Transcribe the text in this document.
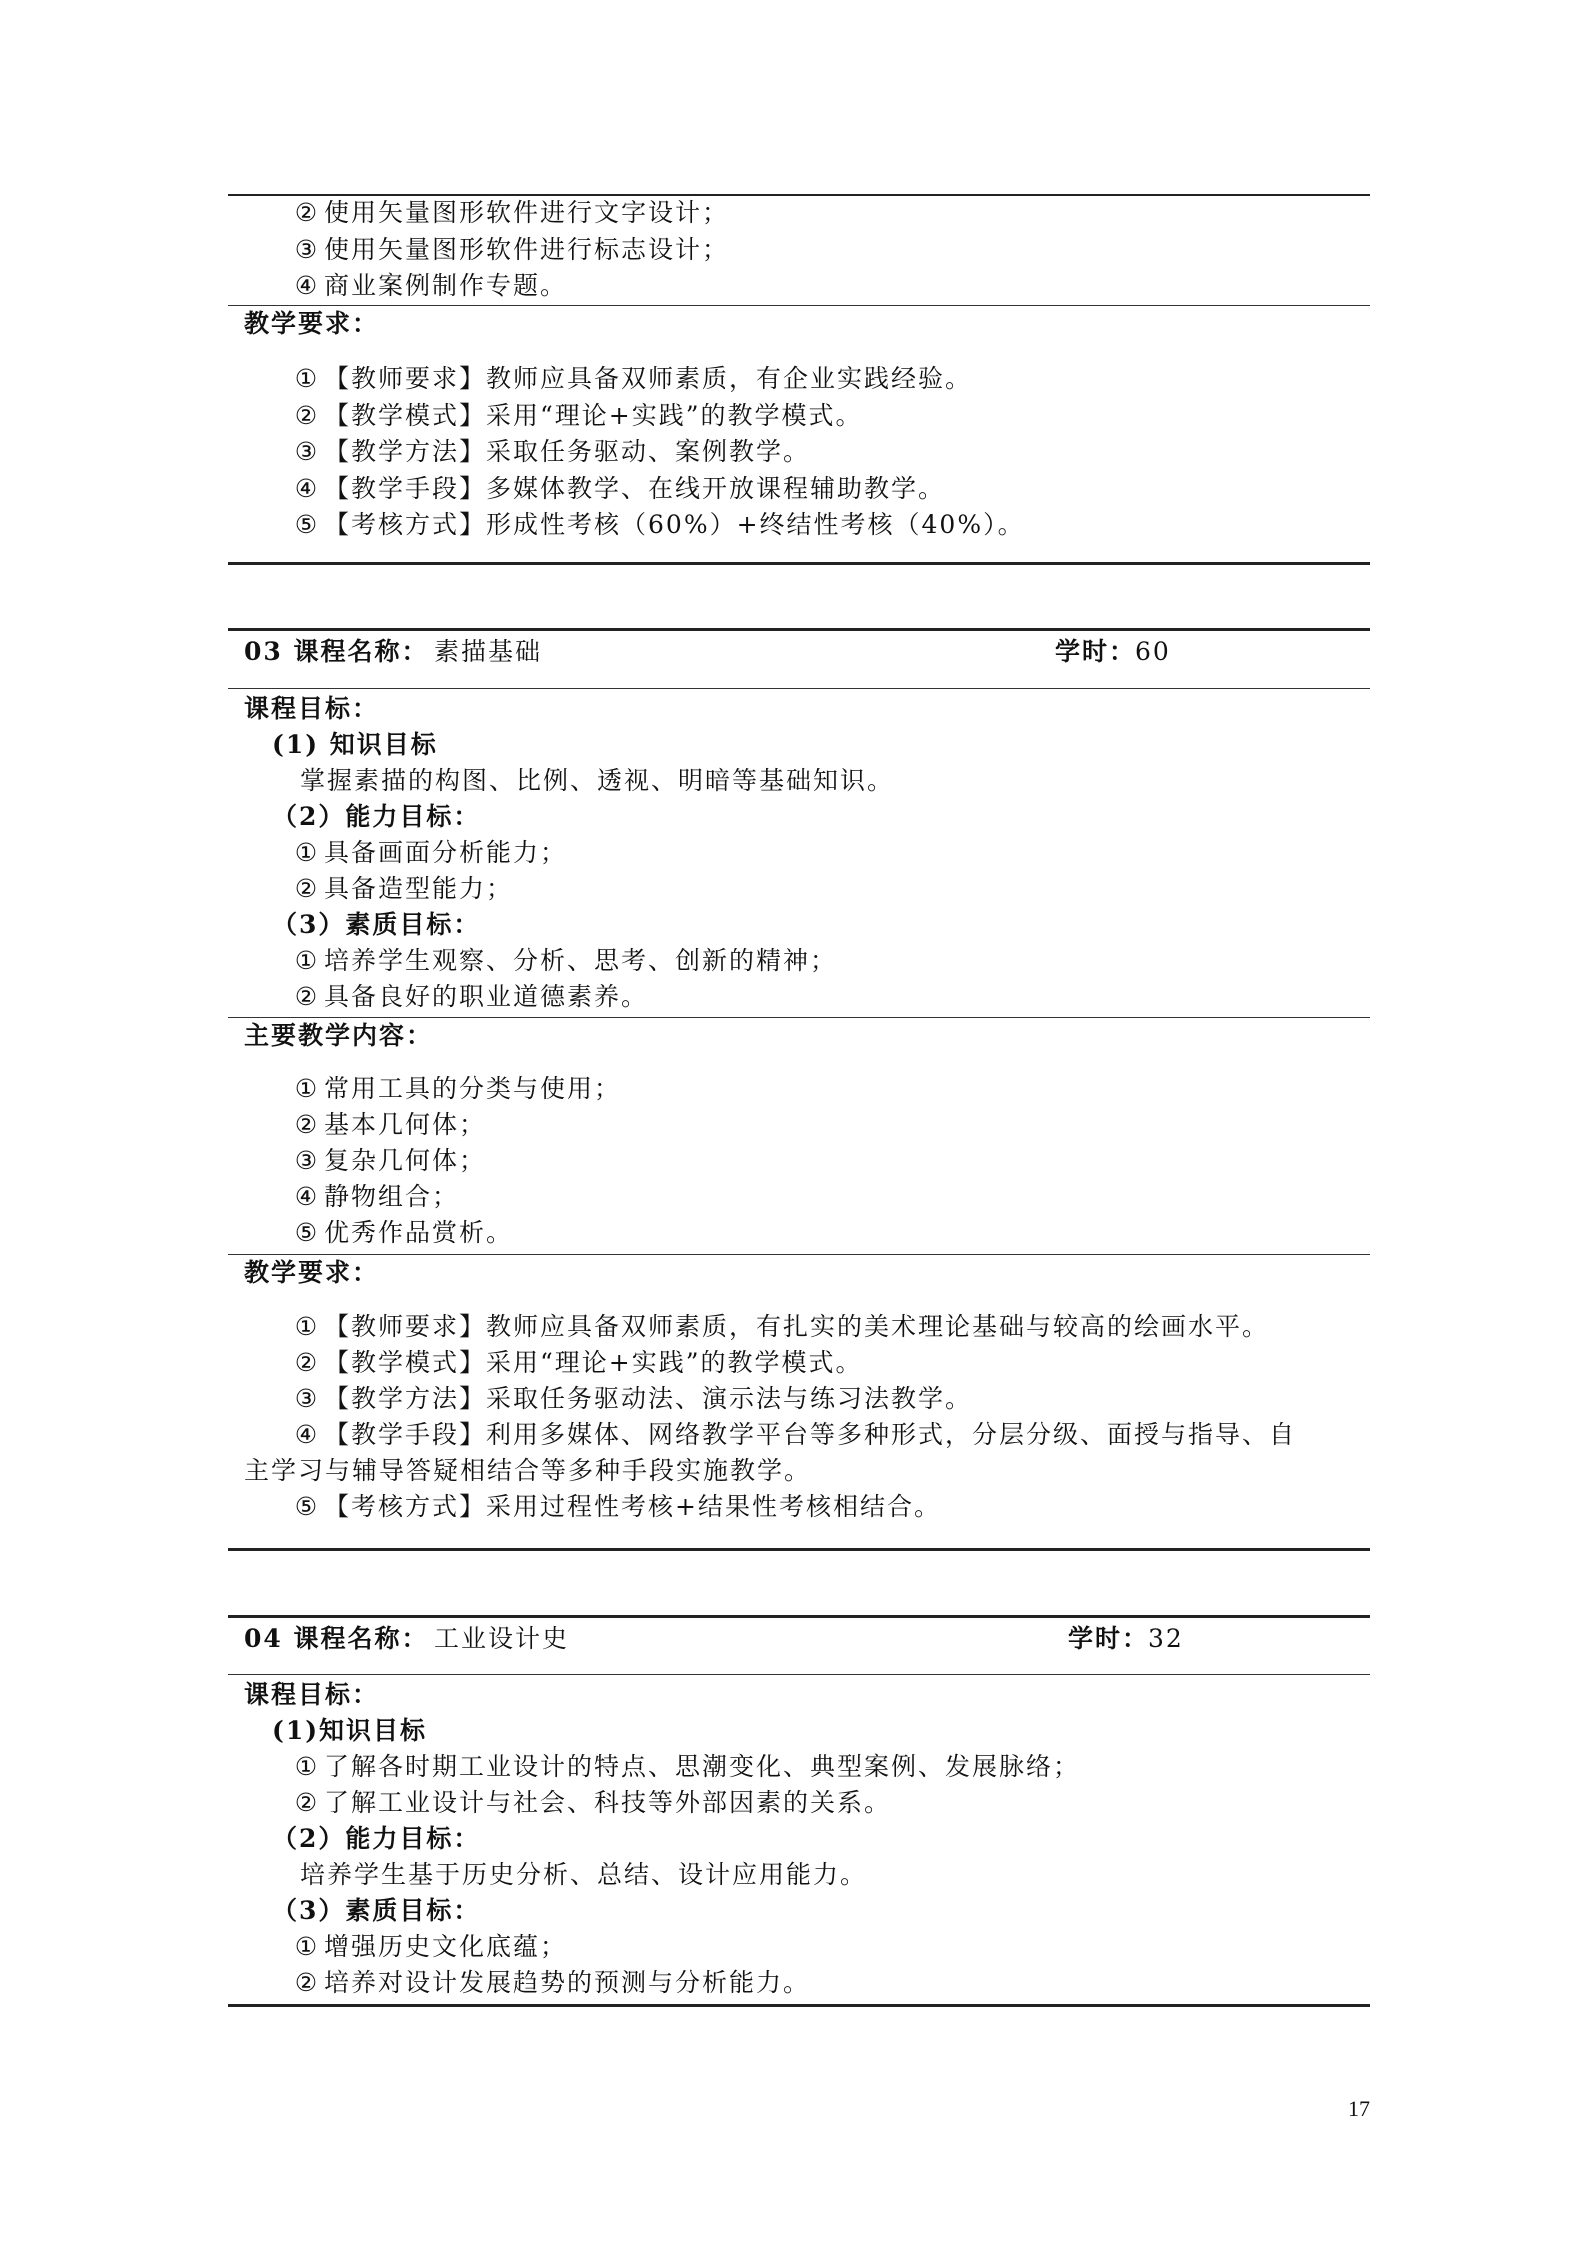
② 使用矢量图形软件进行文字设计；
③ 使用矢量图形软件进行标志设计；
④ 商业案例制作专题。
教学要求：
① 【教师要求】教师应具备双师素质，有企业实践经验。
② 【教学模式】采用“理论+实践”的教学模式。
③ 【教学方法】采取任务驱动、案例教学。
④ 【教学手段】多媒体教学、在线开放课程辅助教学。
⑤ 【考核方式】形成性考核（60%）+终结性考核（40%）。
03 课程名称： 素描基础	学时：
60
课程目标：
(1) 知识目标
掌握素描的构图、比例、透视、明暗等基础知识。
（2）能力目标：
① 具备画面分析能力；
② 具备造型能力；
（3）素质目标：
① 培养学生观察、分析、思考、创新的精神；
② 具备良好的职业道德素养。
主要教学内容：
① 常用工具的分类与使用；
② 基本几何体；
③ 复杂几何体；
④ 静物组合；
⑤ 优秀作品赏析。
教学要求：
① 【教师要求】教师应具备双师素质，有扎实的美术理论基础与较高的绘画水平。
② 【教学模式】采用“理论+实践”的教学模式。
③ 【教学方法】采取任务驱动法、演示法与练习法教学。
④ 【教学手段】利用多媒体、网络教学平台等多种形式，分层分级、面授与指导、自
主学习与辅导答疑相结合等多种手段实施教学。
⑤ 【考核方式】采用过程性考核+结果性考核相结合。
04 课程名称： 工业设计史	学时：
32
课程目标：
(1)知识目标
① 了解各时期工业设计的特点、思潮变化、典型案例、发展脉络；
② 了解工业设计与社会、科技等外部因素的关系。
（2）能力目标：
培养学生基于历史分析、总结、设计应用能力。
（3）素质目标：
① 增强历史文化底蕴；
② 培养对设计发展趋势的预测与分析能力。
17
